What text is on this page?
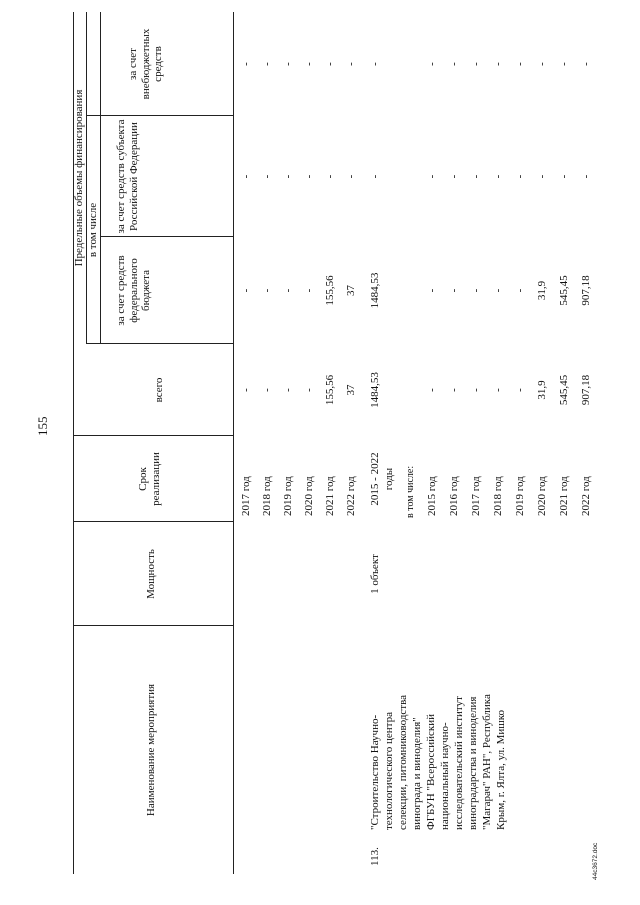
155
44с3672.doc
Наименование мероприятия
Мощность
Срок реализации
всего
Предельные объемы финансирования в том числе
за счет средств федерального бюджета
за счет средств субъекта Российской Федерации
за счет внебюджетных средств
2017 год
-
-
-
-
2018 год
-
-
-
-
2019 год
-
-
-
-
2020 год
-
-
-
-
2021 год
155,56
155,56
-
-
2022 год
37
37
-
-
113.
"Строительство Научно- технологического центра селекции, питомниководства винограда и виноделия" ФГБУН "Всероссийский национальный научно- исследовательский институт виноградарства и виноделия "Магарач" РАН", Республика Крым, г. Ялта, ул. Мишко
1 объект
2015 - 2022 годы
1484,53
1484,53
-
-
в том числе: 2015 год
-
-
-
-
2016 год
-
-
-
-
2017 год
-
-
-
-
2018 год
-
-
-
-
2019 год
-
-
-
-
2020 год
31,9
31,9
-
-
2021 год
545,45
545,45
-
-
2022 год
907,18
907,18
-
-
